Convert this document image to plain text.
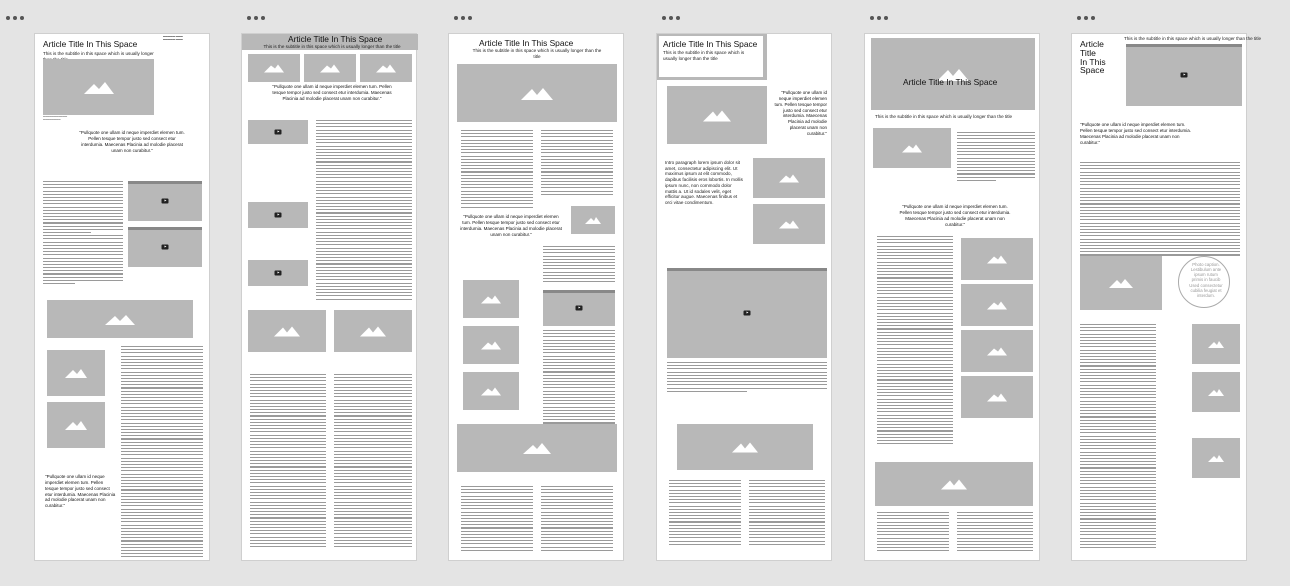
Article Title In This Space
▬▬▬▬▬ ▬▬▬
▬▬▬▬▬ ▬▬▬
This is the subtitle in this space which is usually longer
▬▬▬▬▬▬▬▬▬▬▬
▬▬▬▬▬▬▬▬
"Pullquote one ullam id neque imperdiet elemen tum. Pellen tesque tempor justo sed consect etur interdumia. Maecenas Placinia ad molodie placerat unam non curabitur."
"Pullquote one ullam id neque imperdiet elemen tum. Pellen tesque tempor justo sed consect etur interdumia. Maecenas Placinia ad molodie placerat unam non curabitur."
Article Title In This Space
This is the subtitle in this space which is usually longer than the title
"Pullquote one ullam id neque imperdiet elemen tum. Pellen tesque tempor justo sed consect etur interdumia. Maecenas Placinia ad molodie placerat unam non curabitur."
Article Title In This Space
This is the subtitle in this space which is usually longer than the title
"Pullquote one ullam id neque imperdiet elemen tum. Pellen tesque tempor justo sed consect etur interdumia. Maecenas Placinia ad molodie placerat unam non curabitur."
Article Title In This Space
This is the subtitle in this space which is usually longer than the title
"Pullquote one ullam id neque imperdiet elemen tum. Pellen tesque tempor justo sed consect etur interdumia. Maecenas Placinia ad molodie placerat unam non curabitur."
Intro paragraph lorem ipsum dolor sit amet, consectetur adipiscing elit. Ut maximus ipsum at elit commodo, dapibus facilisis eros lobortis. In mollis ipsum nunc, non commodo dolor mattis a. Ut id sodales velit, eget efficitur augue. Maecenas finibus et orci vitae condimentum.
Article Title In This Space
This is the subtitle in this space which is usually longer than the title
"Pullquote one ullam id neque imperdiet elemen tum. Pellen tesque tempor justo sed consect etur interdumia. Maecenas Placinia ad molodie placerat unam non curabitur."
Article
Title
In This
Space
This is the subtitle in this space which is usually longer than the title
"Pullquote one ullam id neque imperdiet elemen tum. Pellen tesque tempor justo sed consect etur interdumia. Maecenas Placinia ad molodie placerat unam non curabitur."
Photo caption. Lestibulum ante ipsum rutum primis in faucib Used consectetur cubilia feugiat et interdum.
